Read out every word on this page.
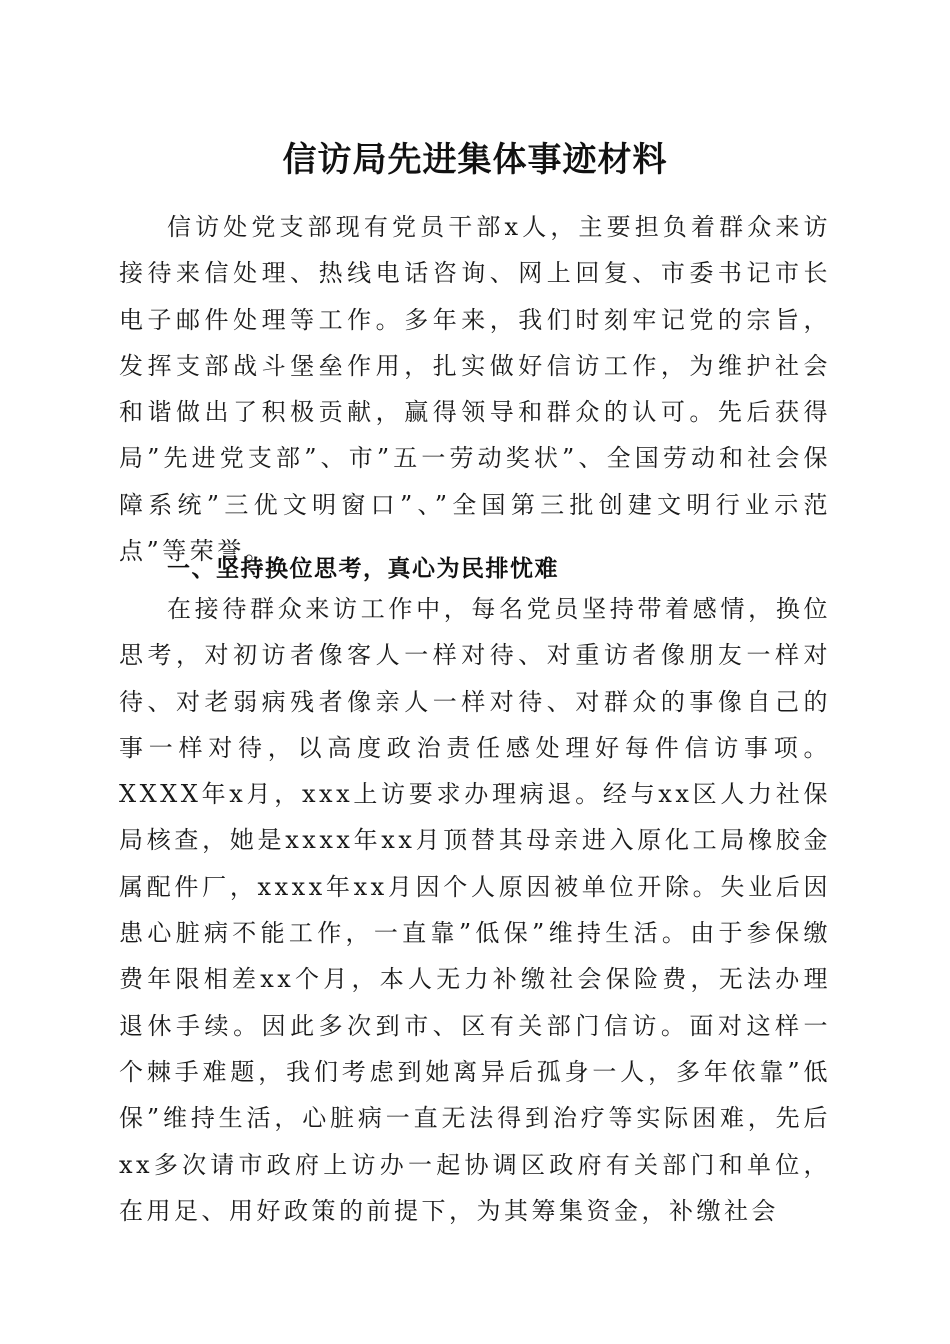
信访局先进集体事迹材料

信访处党支部现有党员干部x人，主要担负着群众来访接待来信处理、热线电话咨询、网上回复、市委书记市长电子邮件处理等工作。多年来，我们时刻牢记党的宗旨，发挥支部战斗堡垒作用，扎实做好信访工作，为维护社会和谐做出了积极贡献，赢得领导和群众的认可。先后获得局”先进党支部”、市”五一劳动奖状”、全国劳动和社会保障系统”三优文明窗口”、”全国第三批创建文明行业示范点”等荣誉。

一、坚持换位思考，真心为民排忧难

在接待群众来访工作中，每名党员坚持带着感情，换位思考，对初访者像客人一样对待、对重访者像朋友一样对待、对老弱病残者像亲人一样对待、对群众的事像自己的事一样对待，以高度政治责任感处理好每件信访事项。XXXX年x月，xxx上访要求办理病退。经与xx区人力社保局核查，她是xxxx年xx月顶替其母亲进入原化工局橡胶金属配件厂，xxxx年xx月因个人原因被单位开除。失业后因患心脏病不能工作，一直靠”低保”维持生活。由于参保缴费年限相差xx个月，本人无力补缴社会保险费，无法办理退休手续。因此多次到市、区有关部门信访。面对这样一个棘手难题，我们考虑到她离异后孤身一人，多年依靠”低保”维持生活，心脏病一直无法得到治疗等实际困难，先后xx多次请市政府上访办一起协调区政府有关部门和单位，在用足、用好政策的前提下，为其筹集资金，补缴社会
